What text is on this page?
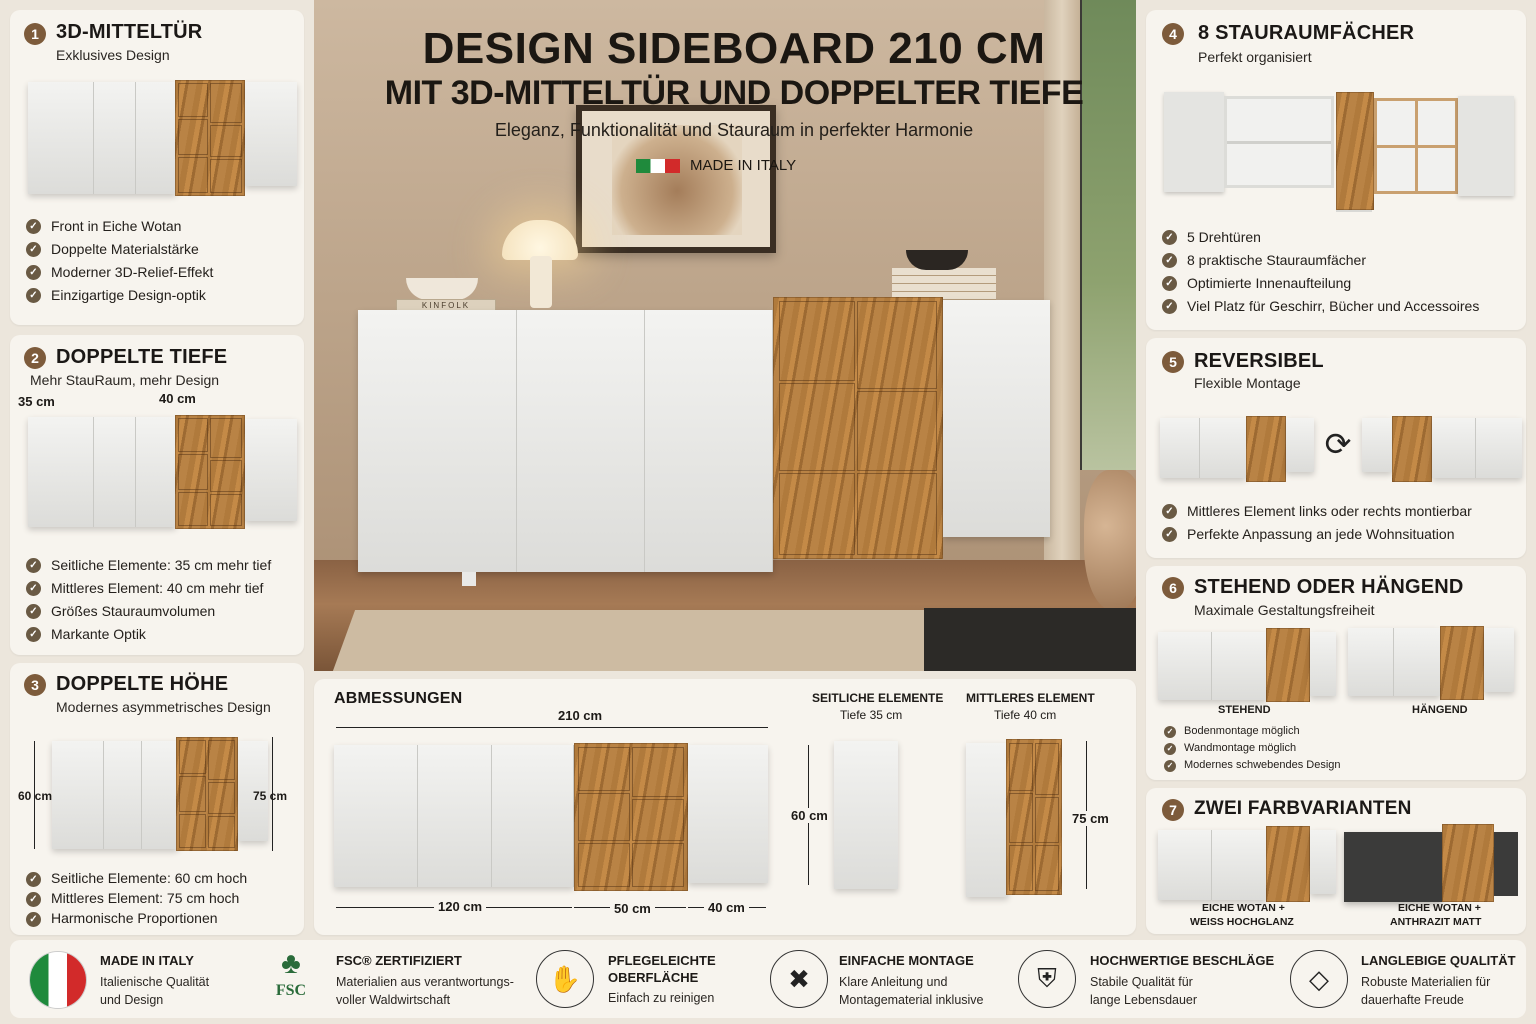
KINFOLK
DESIGN SIDEBOARD 210 CM
MIT 3D-MITTELTÜR UND DOPPELTER TIEFE
Eleganz, Funktionalität und Stauraum in perfekter Harmonie
MADE IN ITALY
1 3D-MITTELTÜR
Exklusives Design
✓ Front in Eiche Wotan
✓ Doppelte Materialstärke
✓ Moderner 3D-Relief-Effekt
✓ Einzigartige Design-optik
2 DOPPELTE TIEFE
Mehr StauRaum, mehr Design
35 cm	40 cm
✓ Seitliche Elemente: 35 cm mehr tief
✓ Mittleres Element: 40 cm mehr tief
✓ Größes Stauraumvolumen
✓ Markante Optik
3 DOPPELTE HÖHE
Modernes asymmetrisches Design
60 cm	75 cm
✓ Seitliche Elemente: 60 cm hoch
✓ Mittleres Element: 75 cm hoch
✓ Harmonische Proportionen
ABMESSUNGEN
210 cm
120 cm	50 cm	40 cm
SEITLICHE ELEMENTE
Tiefe 35 cm
60 cm
MITTLERES ELEMENT
Tiefe 40 cm
75 cm
4	8 STAURAUMFÄCHER
Perfekt organisiert
✓ 5 Drehtüren
✓ 8 praktische Stauraumfächer
✓ Optimierte Innenaufteilung
✓ Viel Platz für Geschirr, Bücher und Accessoires
5 REVERSIBEL
Flexible Montage
⟳
✓ Mittleres Element links oder rechts montierbar
✓ Perfekte Anpassung an jede Wohnsituation
6 STEHEND ODER HÄNGEND
Maximale Gestaltungsfreiheit
STEHEND	HÄNGEND
✓ Bodenmontage möglich
✓ Wandmontage möglich
✓ Modernes schwebendes Design
7 ZWEI FARBVARIANTEN
EICHE WOTAN +
WEISS HOCHGLANZ
EICHE WOTAN +
ANTHRAZIT MATT
MADE IN ITALY
Italienische Qualität
und Design
♣
FSC
FSC® ZERTIFIZIERT
Materialien aus verantwortungs-
voller Waldwirtschaft
✋
PFLEGELEICHTE
OBERFLÄCHE
Einfach zu reinigen
✖
EINFACHE MONTAGE
Klare Anleitung und
Montagematerial inklusive
⛨
HOCHWERTIGE BESCHLÄGE
Stabile Qualität für
lange Lebensdauer
◇
LANGLEBIGE QUALITÄT
Robuste Materialien für
dauerhafte Freude
